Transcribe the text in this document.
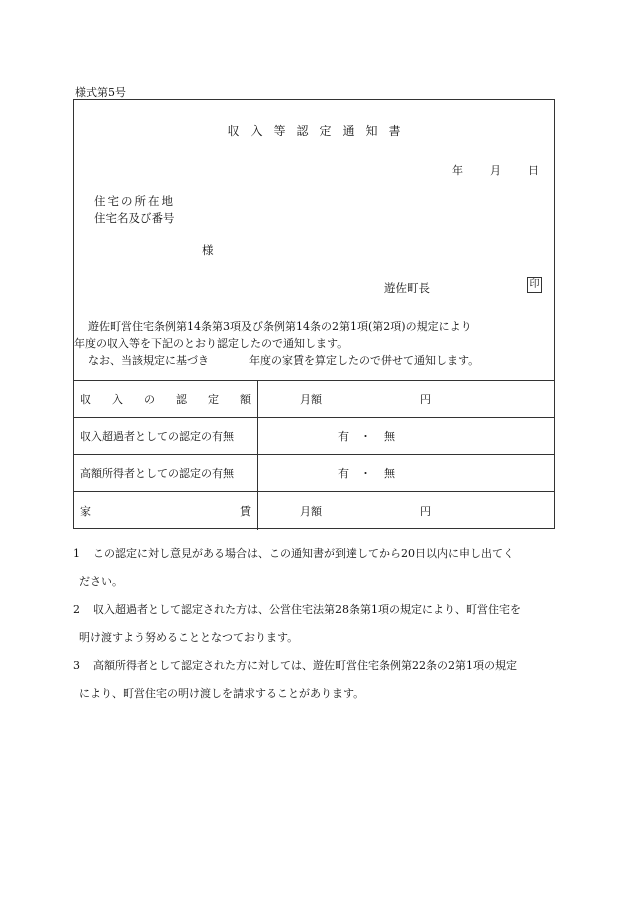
様式第5号
収入等認定通知書
年 月 日
住宅の所在地
住宅名及び番号
様
遊佐町長	印
遊佐町営住宅条例第14条第3項及び条例第14条の2第1項(第2項)の規定により
年度の収入等を下記のとおり認定したので通知します。
なお、当該規定に基づき	年度の家賃を算定したので併せて通知します。
収 入 の 認 定 額	月額	円
収入超過者としての認定の有無	有 ・ 無
高額所得者としての認定の有無	有 ・ 無
家	賃	月額	円
1	この認定に対し意見がある場合は、この通知書が到達してから20日以内に申し出てく
ださい。
2	収入超過者として認定された方は、公営住宅法第28条第1項の規定により、町営住宅を
明け渡すよう努めることとなつております。
3	高額所得者として認定された方に対しては、遊佐町営住宅条例第22条の2第1項の規定
により、町営住宅の明け渡しを請求することがあります。
